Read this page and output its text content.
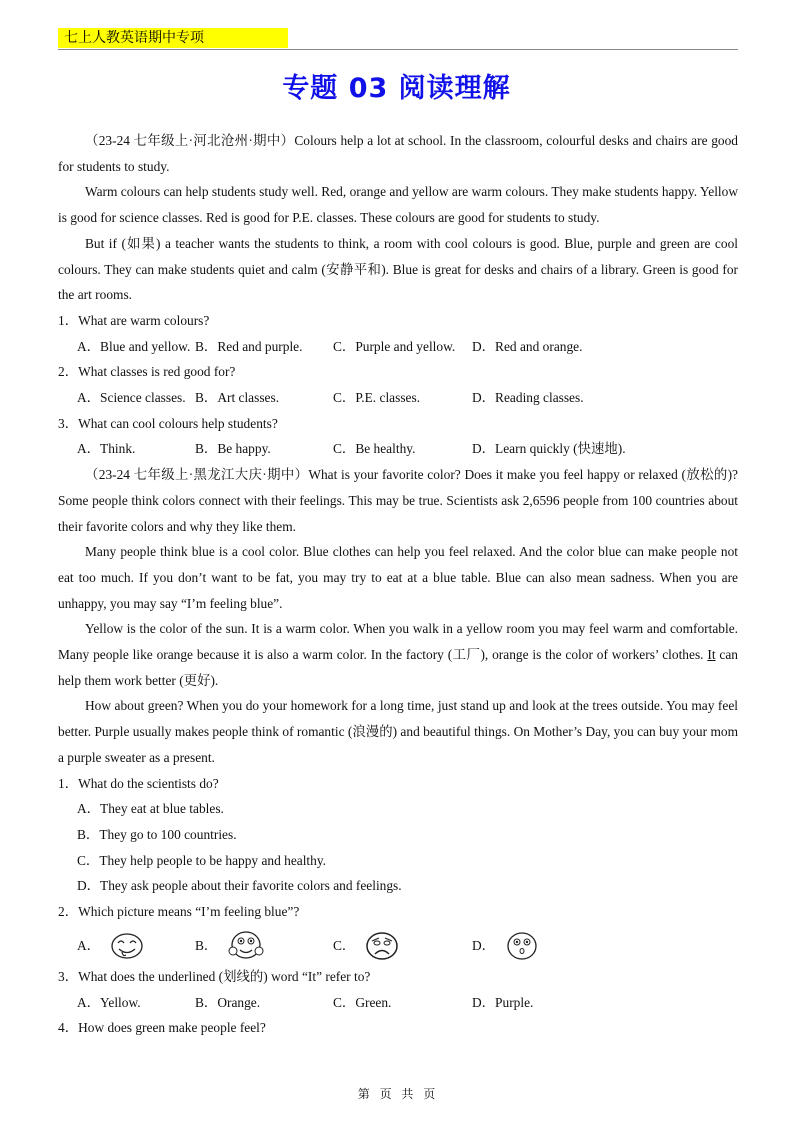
七上人教英语期中专项
专题 03 阅读理解

（23-24 七年级上·河北沧州·期中）Colours help a lot at school. In the classroom, colourful desks and chairs are good for students to study.

Warm colours can help students study well. Red, orange and yellow are warm colours. They make students happy. Yellow is good for science classes. Red is good for P.E. classes. These colours are good for students to study.

But if (如果) a teacher wants the students to think, a room with cool colours is good. Blue, purple and green are cool colours. They can make students quiet and calm (安静平和). Blue is great for desks and chairs of a library. Green is good for the art rooms.

1．What are warm colours?

A．Blue and yellow. B．Red and purple.	C．Purple and yellow.	D．Red and orange.

2．What classes is red good for?

A．Science classes. B．Art classes.	C．P.E. classes.	D．Reading classes.

3．What can cool colours help students?

A．Think.	B．Be happy.	C．Be healthy.	D．Learn quickly (快速地).

（23-24 七年级上·黑龙江大庆·期中）What is your favorite color? Does it make you feel happy or relaxed (放松的)? Some people think colors connect with their feelings. This may be true. Scientists ask 2,6596 people from 100 countries about their favorite colors and why they like them.

Many people think blue is a cool color. Blue clothes can help you feel relaxed. And the color blue can make people not eat too much. If you don’t want to be fat, you may try to eat at a blue table. Blue can also mean sadness. When you are unhappy, you may say “I’m feeling blue”.

Yellow is the color of the sun. It is a warm color. When you walk in a yellow room you may feel warm and comfortable. Many people like orange because it is also a warm color. In the factory (工厂), orange is the color of workers’ clothes. It can help them work better (更好).

How about green? When you do your homework for a long time, just stand up and look at the trees outside. You may feel better. Purple usually makes people think of romantic (浪漫的) and beautiful things. On Mother’s Day, you can buy your mom a purple sweater as a present.

1．What do the scientists do?

A．They eat at blue tables.

B．They go to 100 countries.

C．They help people to be happy and healthy.

D．They ask people about their favorite colors and feelings.

2．Which picture means “I’m feeling blue”?

A．	B．	C．	D．

3．What does the underlined (划线的) word “It” refer to?

A．Yellow.	B．Orange.	C．Green.	D．Purple.

4．How does green make people feel?

第 页 共 页
